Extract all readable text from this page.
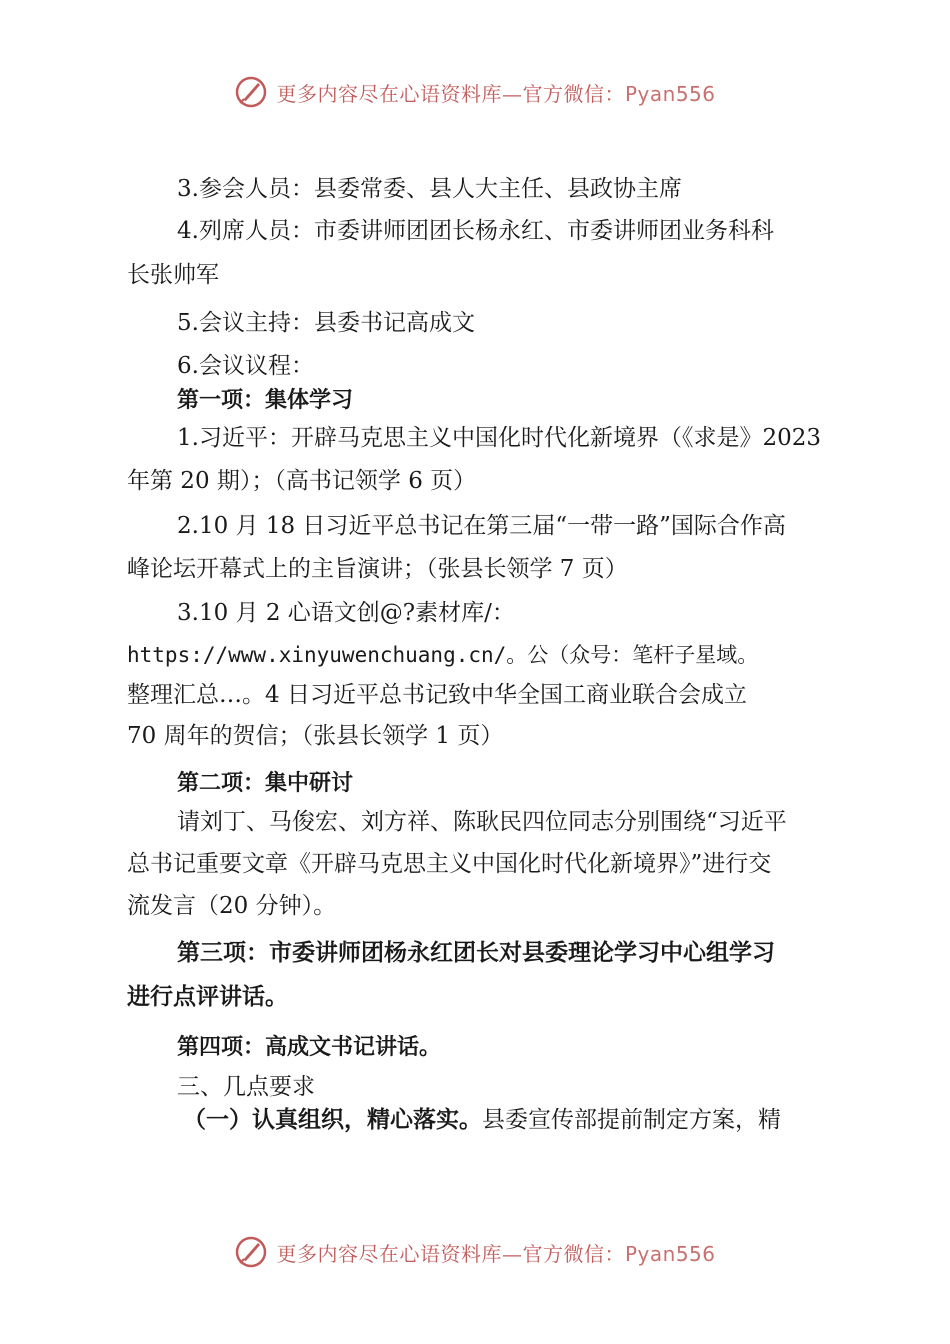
更多内容尽在心语资料库—官方微信：Pyan556
3.参会人员：县委常委、县人大主任、县政协主席
4.列席人员：市委讲师团团长杨永红、市委讲师团业务科科
长张帅军
5.会议主持：县委书记高成文
6.会议议程：
第一项：集体学习
1.习近平：开辟马克思主义中国化时代化新境界（《求是》2023
年第 20 期）；（高书记领学 6 页）
2.10 月 18 日习近平总书记在第三届“一带一路”国际合作高
峰论坛开幕式上的主旨演讲；（张县长领学 7 页）
3.10 月 2 心语文创@?素材库/：
https://www.xinyuwenchuang.cn/。公（众号：笔杆子星域。
整理汇总…。4 日习近平总书记致中华全国工商业联合会成立
70 周年的贺信；（张县长领学 1 页）
第二项：集中研讨
请刘丁、马俊宏、刘方祥、陈耿民四位同志分别围绕“习近平
总书记重要文章《开辟马克思主义中国化时代化新境界》”进行交
流发言（20 分钟）。
第三项：市委讲师团杨永红团长对县委理论学习中心组学习
进行点评讲话。
第四项：高成文书记讲话。
三、几点要求
（一）认真组织，精心落实。县委宣传部提前制定方案，精
更多内容尽在心语资料库—官方微信：Pyan556
